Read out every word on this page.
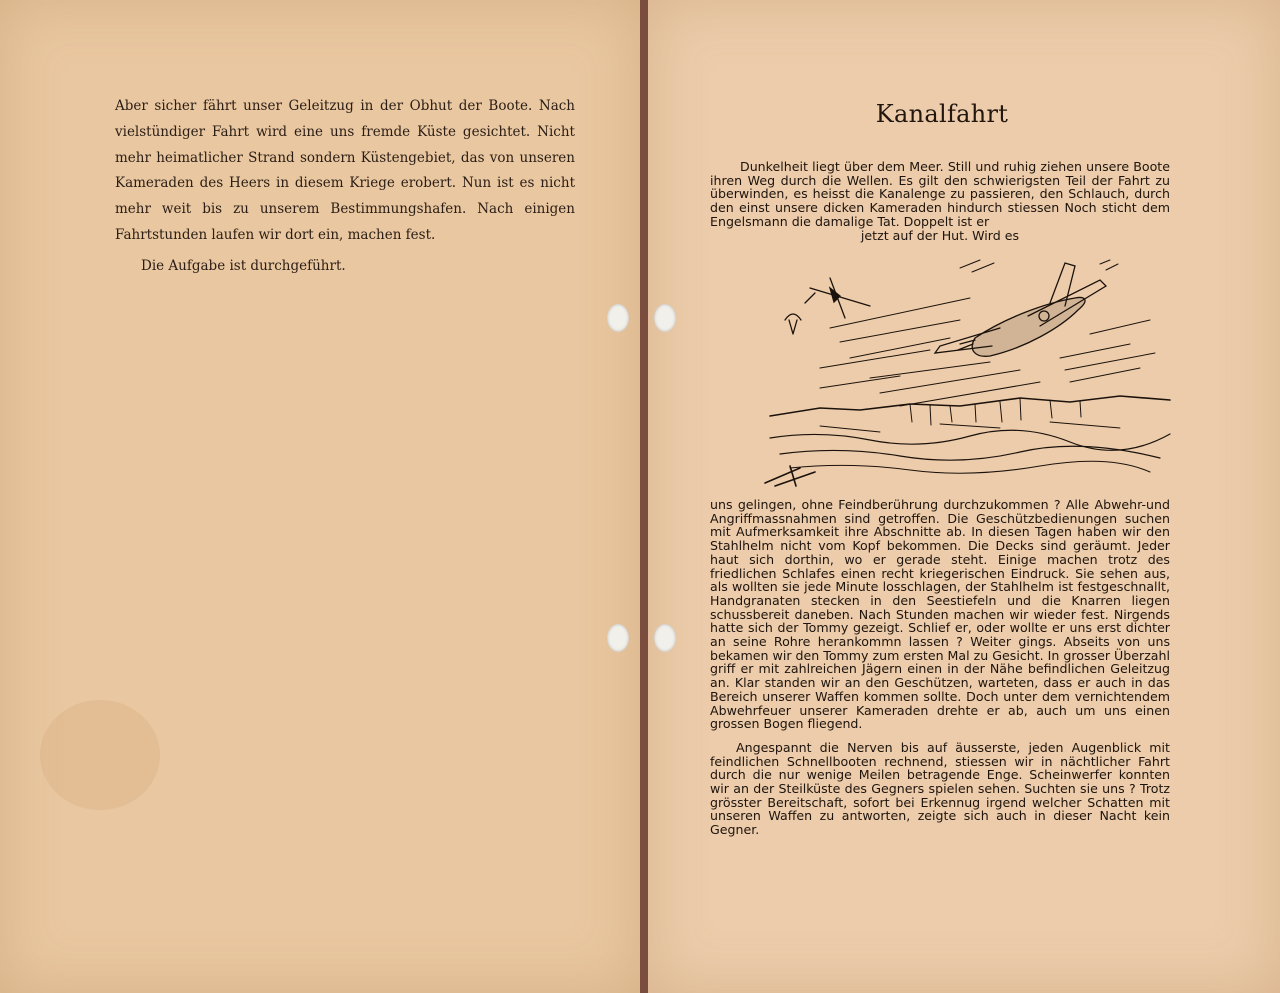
Aber sicher fährt unser Geleitzug in der Obhut der Boote. Nach vielstündiger Fahrt wird eine uns fremde Küste gesichtet. Nicht mehr heimatlicher Strand sondern Küstengebiet, das von unseren Kameraden des Heers in diesem Kriege erobert. Nun ist es nicht mehr weit bis zu unserem Bestimmungshafen. Nach einigen Fahrtstunden laufen wir dort ein, machen fest.

Die Aufgabe ist durchgeführt.

Kanalfahrt

Dunkelheit liegt über dem Meer. Still und ruhig ziehen unsere Boote ihren Weg durch die Wellen. Es gilt den schwierigsten Teil der Fahrt zu überwinden, es heisst die Kanalenge zu passieren, den Schlauch, durch den einst unsere dicken Kameraden hindurch stiessen Noch sticht dem Engelsmann die damalige Tat. Doppelt ist er

jetzt auf der Hut. Wird es

uns gelingen, ohne Feindberührung durchzukommen ? Alle Abwehr-und Angriffmassnahmen sind getroffen. Die Geschützbedienungen suchen mit Aufmerksamkeit ihre Abschnitte ab. In diesen Tagen haben wir den Stahlhelm nicht vom Kopf bekommen. Die Decks sind geräumt. Jeder haut sich dorthin, wo er gerade steht. Einige machen trotz des friedlichen Schlafes einen recht kriegerischen Eindruck. Sie sehen aus, als wollten sie jede Minute losschlagen, der Stahlhelm ist festgeschnallt, Handgranaten stecken in den Seestiefeln und die Knarren liegen schussbereit daneben. Nach Stunden machen wir wieder fest. Nirgends hatte sich der Tommy gezeigt. Schlief er, oder wollte er uns erst dichter an seine Rohre herankommn lassen ? Weiter gings. Abseits von uns bekamen wir den Tommy zum ersten Mal zu Gesicht. In grosser Überzahl griff er mit zahlreichen Jägern einen in der Nähe befindlichen Geleitzug an. Klar standen wir an den Geschützen, warteten, dass er auch in das Bereich unserer Waffen kommen sollte. Doch unter dem vernichtendem Abwehrfeuer unserer Kameraden drehte er ab, auch um uns einen grossen Bogen fliegend.

Angespannt die Nerven bis auf äusserste, jeden Augenblick mit feindlichen Schnellbooten rechnend, stiessen wir in nächtlicher Fahrt durch die nur wenige Meilen betragende Enge. Scheinwerfer konnten wir an der Steilküste des Gegners spielen sehen. Suchten sie uns ? Trotz grösster Bereitschaft, sofort bei Erkennug irgend welcher Schatten mit unseren Waffen zu antworten, zeigte sich auch in dieser Nacht kein Gegner.
